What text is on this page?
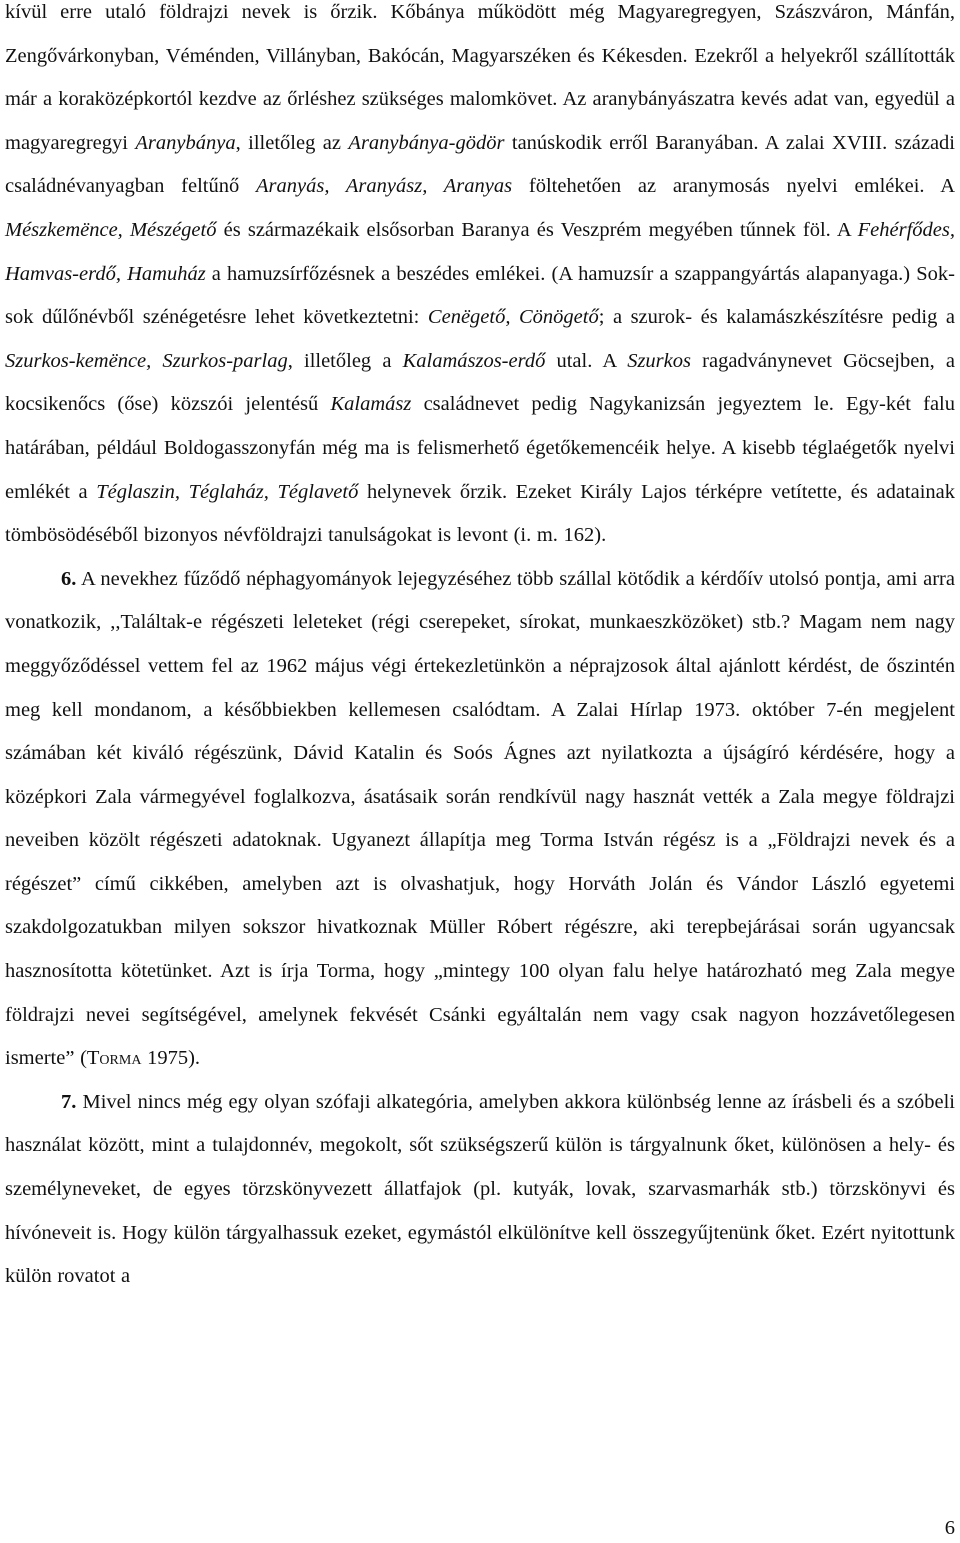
kívül erre utaló földrajzi nevek is őrzik. Kőbánya működött még Magyaregregyen, Szászváron, Mánfán, Zengővárkonyban, Véménden, Villányban, Bakócán, Magyarszéken és Kékesden. Ezekről a helyekről szállították már a koraközépkortól kezdve az őrléshez szükséges malomkövet. Az aranybányászatra kevés adat van, egyedül a magyaregregyi Aranybánya, illetőleg az Aranybánya-gödör tanúskodik erről Baranyában. A zalai XVIII. századi családnévanyagban feltűnő Aranyás, Aranyász, Aranyas föltehetően az aranymosás nyelvi emlékei. A Mészkemënce, Mészégető és származékaik elsősorban Baranya és Veszprém megyében tűnnek föl. A Fehérfődes, Hamvas-erdő, Hamuház a hamuzsírfőzésnek a beszédes emlékei. (A hamuzsír a szappangyártás alapanyaga.) Sok-sok dűlőnévből szénégetésre lehet következtetni: Cenëgető, Cönögető; a szurok- és kalamászkészítésre pedig a Szurkos-kemënce, Szurkos-parlag, illetőleg a Kalamászos-erdő utal. A Szurkos ragadványnevet Göcsejben, a kocsikenőcs (őse) közszói jelentésű Kalamász családnevet pedig Nagykanizsán jegyeztem le. Egy-két falu határában, például Boldogasszonyfán még ma is felismerhető égetőkemencéik helye. A kisebb téglaégetők nyelvi emlékét a Téglaszin, Téglaház, Téglavető helynevek őrzik. Ezeket Király Lajos térképre vetítette, és adatainak tömbösödéséből bizonyos névföldrajzi tanulságokat is levont (i. m. 162).

6. A nevekhez fűződő néphagyományok lejegyzéséhez több szállal kötődik a kérdőív utolsó pontja, ami arra vonatkozik, ,,Találtak-e régészeti leleteket (régi cserepeket, sírokat, munkaeszközöket) stb.? Magam nem nagy meggyőződéssel vettem fel az 1962 május végi értekezletünkön a néprajzosok által ajánlott kérdést, de őszintén meg kell mondanom, a későbbiekben kellemesen csalódtam. A Zalai Hírlap 1973. október 7-én megjelent számában két kiváló régészünk, Dávid Katalin és Soós Ágnes azt nyilatkozta a újságíró kérdésére, hogy a középkori Zala vármegyével foglalkozva, ásatásaik során rendkívül nagy hasznát vették a Zala megye földrajzi neveiben közölt régészeti adatoknak. Ugyanezt állapítja meg Torma István régész is a „Földrajzi nevek és a régészet” című cikkében, amelyben azt is olvashatjuk, hogy Horváth Jolán és Vándor László egyetemi szakdolgozatukban milyen sokszor hivatkoznak Müller Róbert régészre, aki terepbejárásai során ugyancsak hasznosította kötetünket. Azt is írja Torma, hogy „mintegy 100 olyan falu helye határozható meg Zala megye földrajzi nevei segítségével, amelynek fekvését Csánki egyáltalán nem vagy csak nagyon hozzávetőlegesen ismerte” (Torma 1975).

7. Mivel nincs még egy olyan szófaji alkategória, amelyben akkora különbség lenne az írásbeli és a szóbeli használat között, mint a tulajdonnév, megokolt, sőt szükségszerű külön is tárgyalnunk őket, különösen a hely- és személyneveket, de egyes törzskönyvezett állatfajok (pl. kutyák, lovak, szarvasmarhák stb.) törzskönyvi és hívóneveit is. Hogy külön tárgyalhassuk ezeket, egymástól elkülönítve kell összegyűjtenünk őket. Ezért nyitottunk külön rovatot a

6
